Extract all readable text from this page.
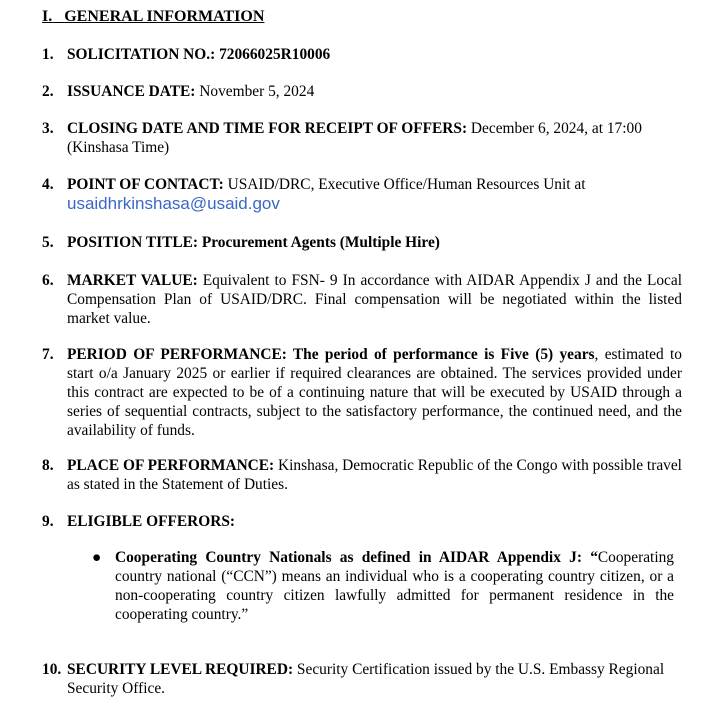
I. GENERAL INFORMATION
1. SOLICITATION NO.: 72066025R10006
2. ISSUANCE DATE: November 5, 2024
3. CLOSING DATE AND TIME FOR RECEIPT OF OFFERS: December 6, 2024, at 17:00 (Kinshasa Time)
4. POINT OF CONTACT: USAID/DRC, Executive Office/Human Resources Unit at
usaidhrkinshasa@usaid.gov
5. POSITION TITLE: Procurement Agents (Multiple Hire)
6. MARKET VALUE: Equivalent to FSN- 9 In accordance with AIDAR Appendix J and the Local Compensation Plan of USAID/DRC. Final compensation will be negotiated within the listed market value.
7. PERIOD OF PERFORMANCE: The period of performance is Five (5) years, estimated to start o/a January 2025 or earlier if required clearances are obtained. The services provided under this contract are expected to be of a continuing nature that will be executed by USAID through a series of sequential contracts, subject to the satisfactory performance, the continued need, and the availability of funds.
8. PLACE OF PERFORMANCE: Kinshasa, Democratic Republic of the Congo with possible travel as stated in the Statement of Duties.
9. ELIGIBLE OFFERORS:
● Cooperating Country Nationals as defined in AIDAR Appendix J: “Cooperating country national (“CCN”) means an individual who is a cooperating country citizen, or a non-cooperating country citizen lawfully admitted for permanent residence in the cooperating country.”
10. SECURITY LEVEL REQUIRED: Security Certification issued by the U.S. Embassy Regional Security Office.
